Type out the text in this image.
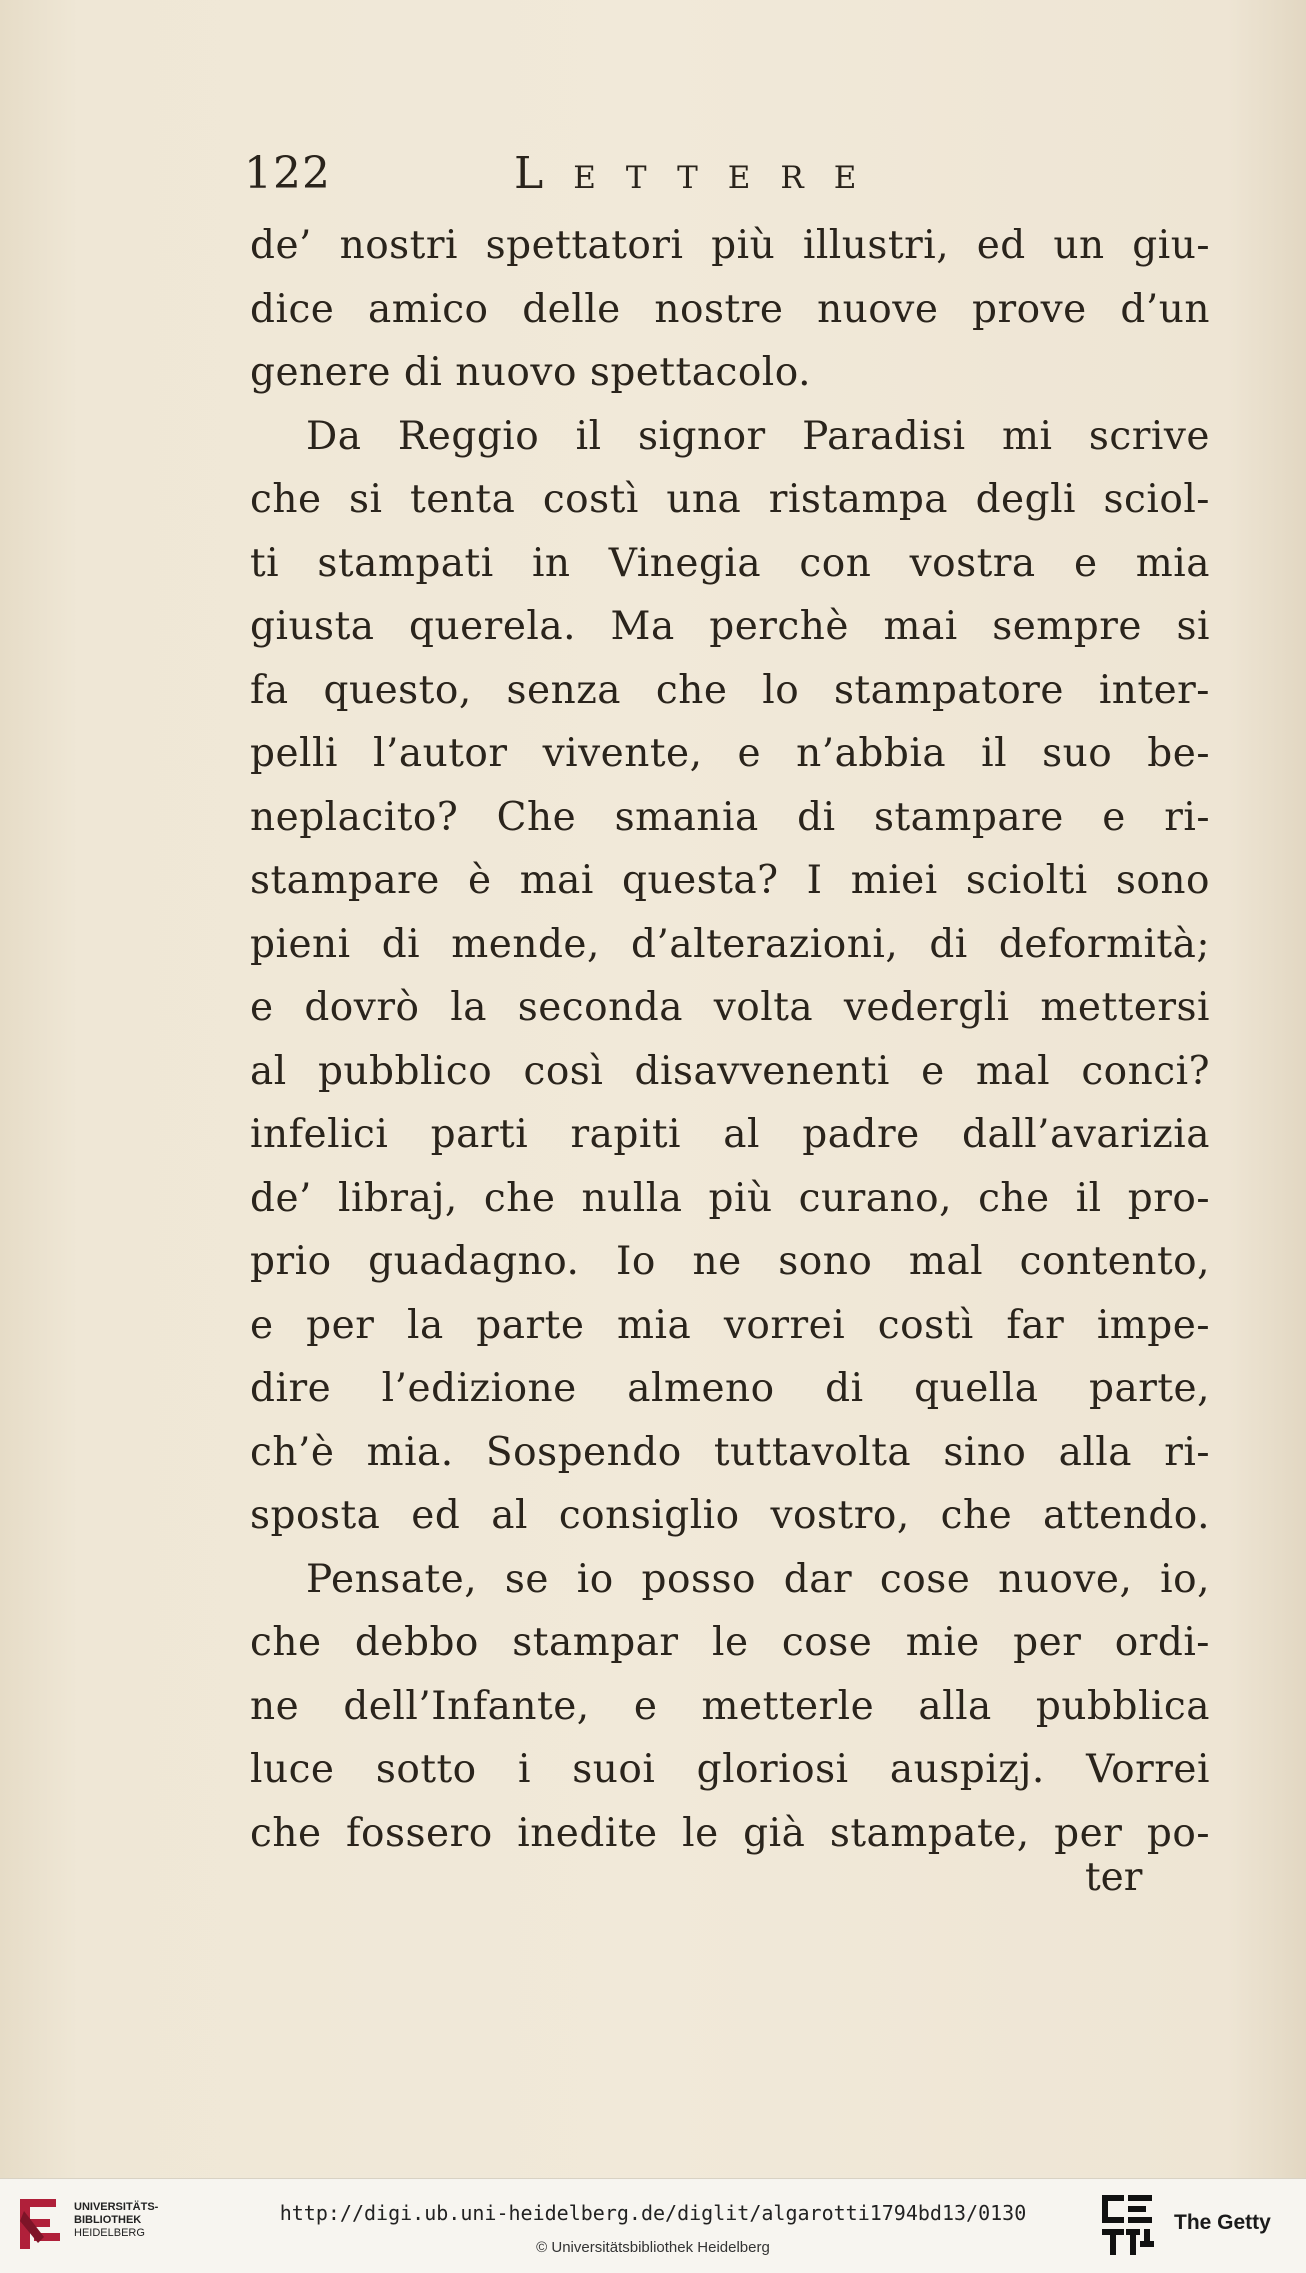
122	Lettere
de’ nostri spettatori più illustri, ed un giu-
dice amico delle nostre nuove prove d’un
genere di nuovo spettacolo.
Da Reggio il signor Paradisi mi scrive
che si tenta costì una ristampa degli sciol-
ti stampati in Vinegia con vostra e mia
giusta querela. Ma perchè mai sempre si
fa questo, senza che lo stampatore inter-
pelli l’autor vivente, e n’abbia il suo be-
neplacito? Che smania di stampare e ri-
stampare è mai questa? I miei sciolti sono
pieni di mende, d’alterazioni, di deformità;
e dovrò la seconda volta vedergli mettersi
al pubblico così disavvenenti e mal conci?
infelici parti rapiti al padre dall’avarizia
de’ libraj, che nulla più curano, che il pro-
prio guadagno. Io ne sono mal contento,
e per la parte mia vorrei costì far impe-
dire l’edizione almeno di quella parte,
ch’è mia. Sospendo tuttavolta sino alla ri-
sposta ed al consiglio vostro, che attendo.
Pensate, se io posso dar cose nuove, io,
che debbo stampar le cose mie per ordi-
ne dell’Infante, e metterle alla pubblica
luce sotto i suoi gloriosi auspizj. Vorrei
che fossero inedite le già stampate, per po-
ter
UNIVERSITÄTS-
BIBLIOTHEK
HEIDELBERG
http://digi.ub.uni-heidelberg.de/diglit/algarotti1794bd13/0130
© Universitätsbibliothek Heidelberg
The Getty
